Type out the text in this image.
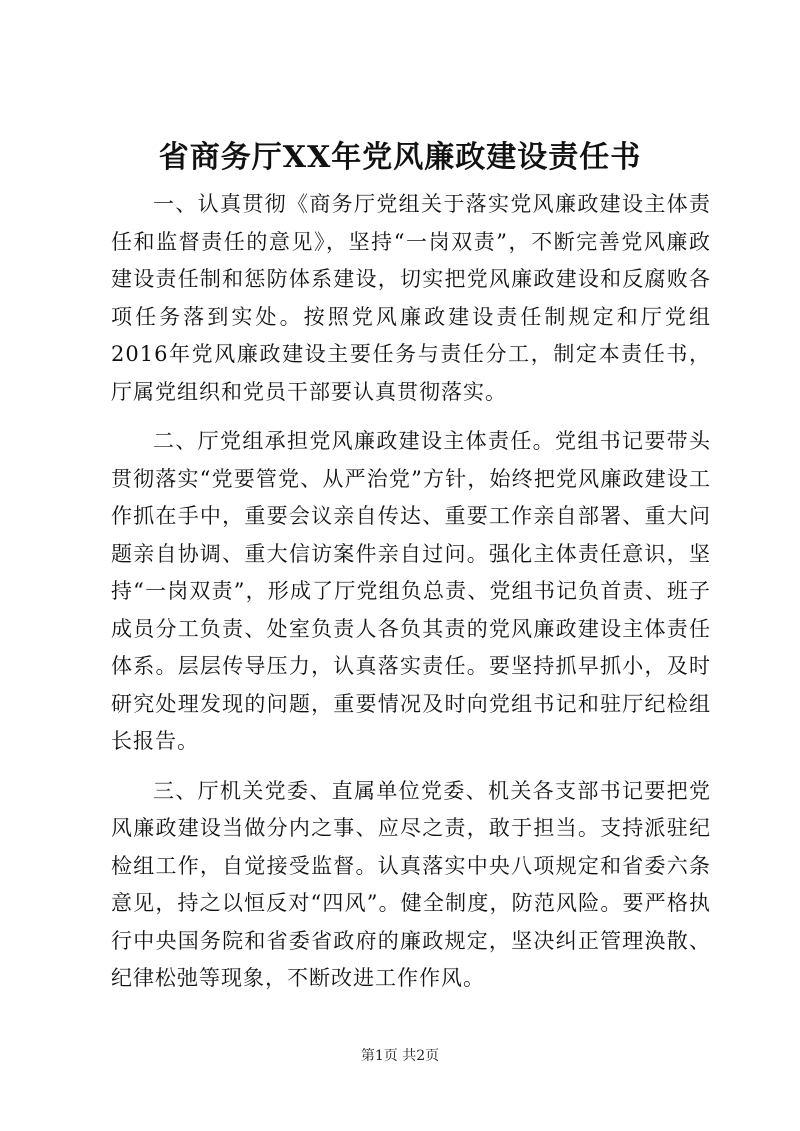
省商务厅XX年党风廉政建设责任书

一、认真贯彻《商务厅党组关于落实党风廉政建设主体责任和监督责任的意见》，坚持“一岗双责”，不断完善党风廉政建设责任制和惩防体系建设，切实把党风廉政建设和反腐败各项任务落到实处。按照党风廉政建设责任制规定和厅党组2016年党风廉政建设主要任务与责任分工，制定本责任书，厅属党组织和党员干部要认真贯彻落实。

二、厅党组承担党风廉政建设主体责任。党组书记要带头贯彻落实“党要管党、从严治党”方针，始终把党风廉政建设工作抓在手中，重要会议亲自传达、重要工作亲自部署、重大问题亲自协调、重大信访案件亲自过问。强化主体责任意识，坚持“一岗双责”，形成了厅党组负总责、党组书记负首责、班子成员分工负责、处室负责人各负其责的党风廉政建设主体责任体系。层层传导压力，认真落实责任。要坚持抓早抓小，及时研究处理发现的问题，重要情况及时向党组书记和驻厅纪检组长报告。

三、厅机关党委、直属单位党委、机关各支部书记要把党风廉政建设当做分内之事、应尽之责，敢于担当。支持派驻纪检组工作，自觉接受监督。认真落实中央八项规定和省委六条意见，持之以恒反对“四风”。健全制度，防范风险。要严格执行中央国务院和省委省政府的廉政规定，坚决纠正管理涣散、纪律松弛等现象，不断改进工作作风。

第1页 共2页
